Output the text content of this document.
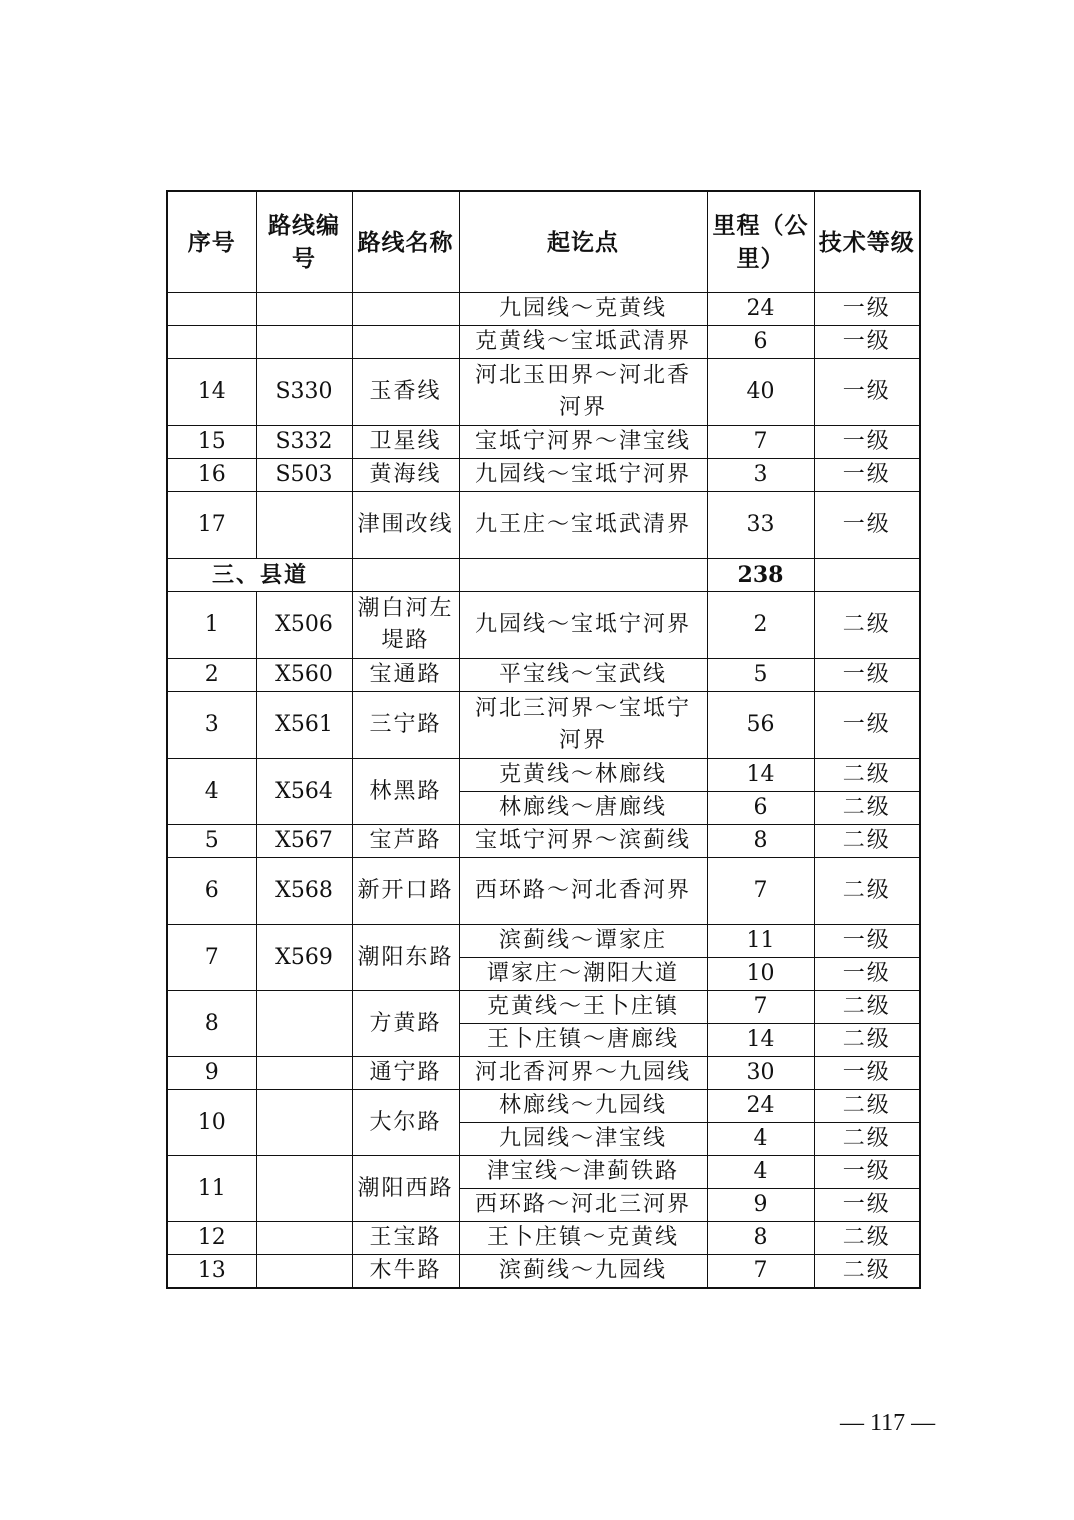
序号	路线编号	路线名称	起讫点	里程（公里）	技术等级
			九园线～克黄线	24	一级
			克黄线～宝坻武清界	6	一级
14	S330	玉香线	河北玉田界～河北香河界	40	一级
15	S332	卫星线	宝坻宁河界～津宝线	7	一级
16	S503	黄海线	九园线～宝坻宁河界	3	一级
17		津围改线	九王庄～宝坻武清界	33	一级
三、县道				238	
1	X506	潮白河左堤路	九园线～宝坻宁河界	2	二级
2	X560	宝通路	平宝线～宝武线	5	一级
3	X561	三宁路	河北三河界～宝坻宁河界	56	一级
4	X564	林黑路	克黄线～林廊线	14	二级
			林廊线～唐廊线	6	二级
5	X567	宝芦路	宝坻宁河界～滨蓟线	8	二级
6	X568	新开口路	西环路～河北香河界	7	二级
7	X569	潮阳东路	滨蓟线～谭家庄	11	一级
			谭家庄～潮阳大道	10	一级
8		方黄路	克黄线～王卜庄镇	7	二级
			王卜庄镇～唐廊线	14	二级
9		通宁路	河北香河界～九园线	30	一级
10		大尔路	林廊线～九园线	24	二级
			九园线～津宝线	4	二级
11		潮阳西路	津宝线～津蓟铁路	4	一级
			西环路～河北三河界	9	一级
12		王宝路	王卜庄镇～克黄线	8	二级
13		木牛路	滨蓟线～九园线	7	二级
— 117 —
